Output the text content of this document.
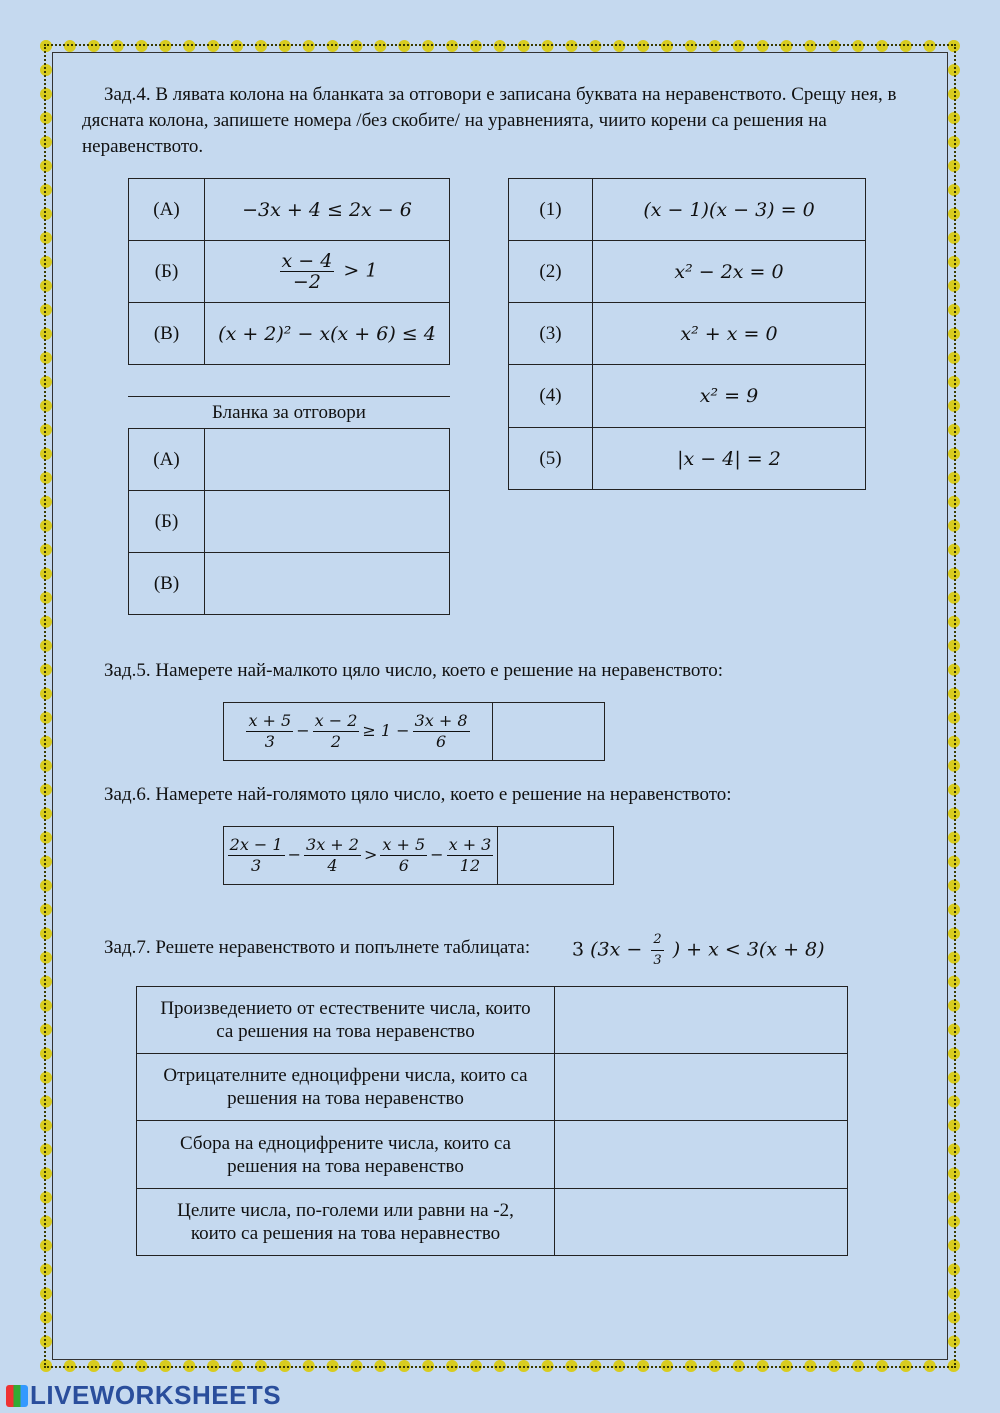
Зад.4. В лявата колона на бланката за отговори е записана буквата на неравенството. Срещу нея, в
дясната колона, запишете номера /без скобите/ на уравненията, чиито корени са решения на
неравенството.
(А)	−3x + 4 ≤ 2x − 6
(Б)	$\frac{x - 4}{-2} > 1$
(В)	(x + 2)² − x(x + 6) ≤ 4
(1)	(x − 1)(x − 3) = 0
(2)	x² − 2x = 0
(3)	x² + x = 0
(4)	x² = 9
(5)	|x − 4| = 2
Бланка за отговори
(А)	
(Б)	
(В)	
Зад.5. Намерете най-малкото цяло число, което е решение на неравенството:
$\frac{x + 5}{3} - \frac{x - 2}{2} \ge 1 - \frac{3x + 8}{6}$

Зад.6. Намерете най-голямото цяло число, което е решение на неравенството:
$\frac{2x - 1}{3} - \frac{3x + 2}{4} > \frac{x + 5}{6} - \frac{x + 3}{12}$

Зад.7. Решете неравенството и попълнете таблицата: 3 ($3x - \frac{2}{3}$ ) + x < 3(x + 8)
Произведението от естествените числа, които
са решения на това неравенство	

Отрицателните едноцифрени числа, които са
решения на това неравенство	

Сбора на едноцифрените числа, които са
решения на това неравенство	

Целите числа, по-големи или равни на -2,
които са решения на това неравнество	

LIVEWORKSHEETS
